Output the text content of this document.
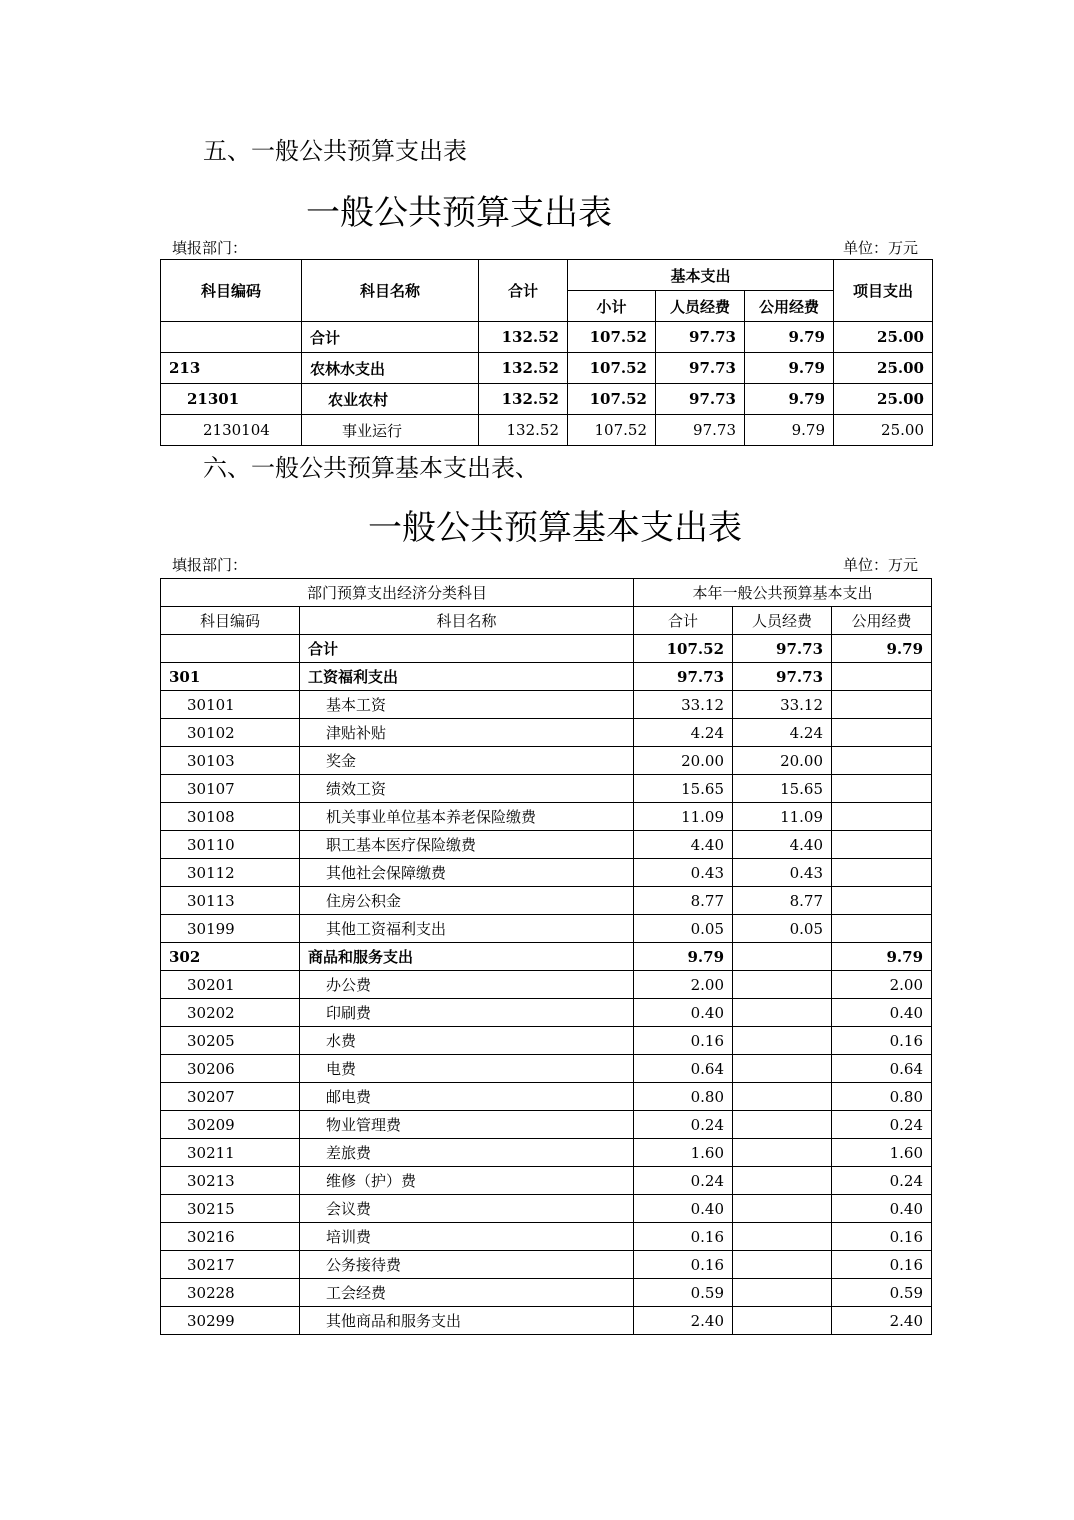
五、一般公共预算支出表
一般公共预算支出表
填报部门：	单位：万元
科目编码	科目名称	合计	基本支出			项目支出
			小计	人员经费	公用经费	
	合计	132.52	107.52	97.73	9.79	25.00
213	农林水支出	132.52	107.52	97.73	9.79	25.00
21301	农业农村	132.52	107.52	97.73	9.79	25.00
2130104	事业运行	132.52	107.52	97.73	9.79	25.00
六、一般公共预算基本支出表、
一般公共预算基本支出表
填报部门：	单位：万元
部门预算支出经济分类科目		本年一般公共预算基本支出		
科目编码	科目名称	合计	人员经费	公用经费
	合计	107.52	97.73	9.79
301	工资福利支出	97.73	97.73	
30101	基本工资	33.12	33.12	
30102	津贴补贴	4.24	4.24	
30103	奖金	20.00	20.00	
30107	绩效工资	15.65	15.65	
30108	机关事业单位基本养老保险缴费	11.09	11.09	
30110	职工基本医疗保险缴费	4.40	4.40	
30112	其他社会保障缴费	0.43	0.43	
30113	住房公积金	8.77	8.77	
30199	其他工资福利支出	0.05	0.05	
302	商品和服务支出	9.79		9.79
30201	办公费	2.00		2.00
30202	印刷费	0.40		0.40
30205	水费	0.16		0.16
30206	电费	0.64		0.64
30207	邮电费	0.80		0.80
30209	物业管理费	0.24		0.24
30211	差旅费	1.60		1.60
30213	维修（护）费	0.24		0.24
30215	会议费	0.40		0.40
30216	培训费	0.16		0.16
30217	公务接待费	0.16		0.16
30228	工会经费	0.59		0.59
30299	其他商品和服务支出	2.40		2.40
